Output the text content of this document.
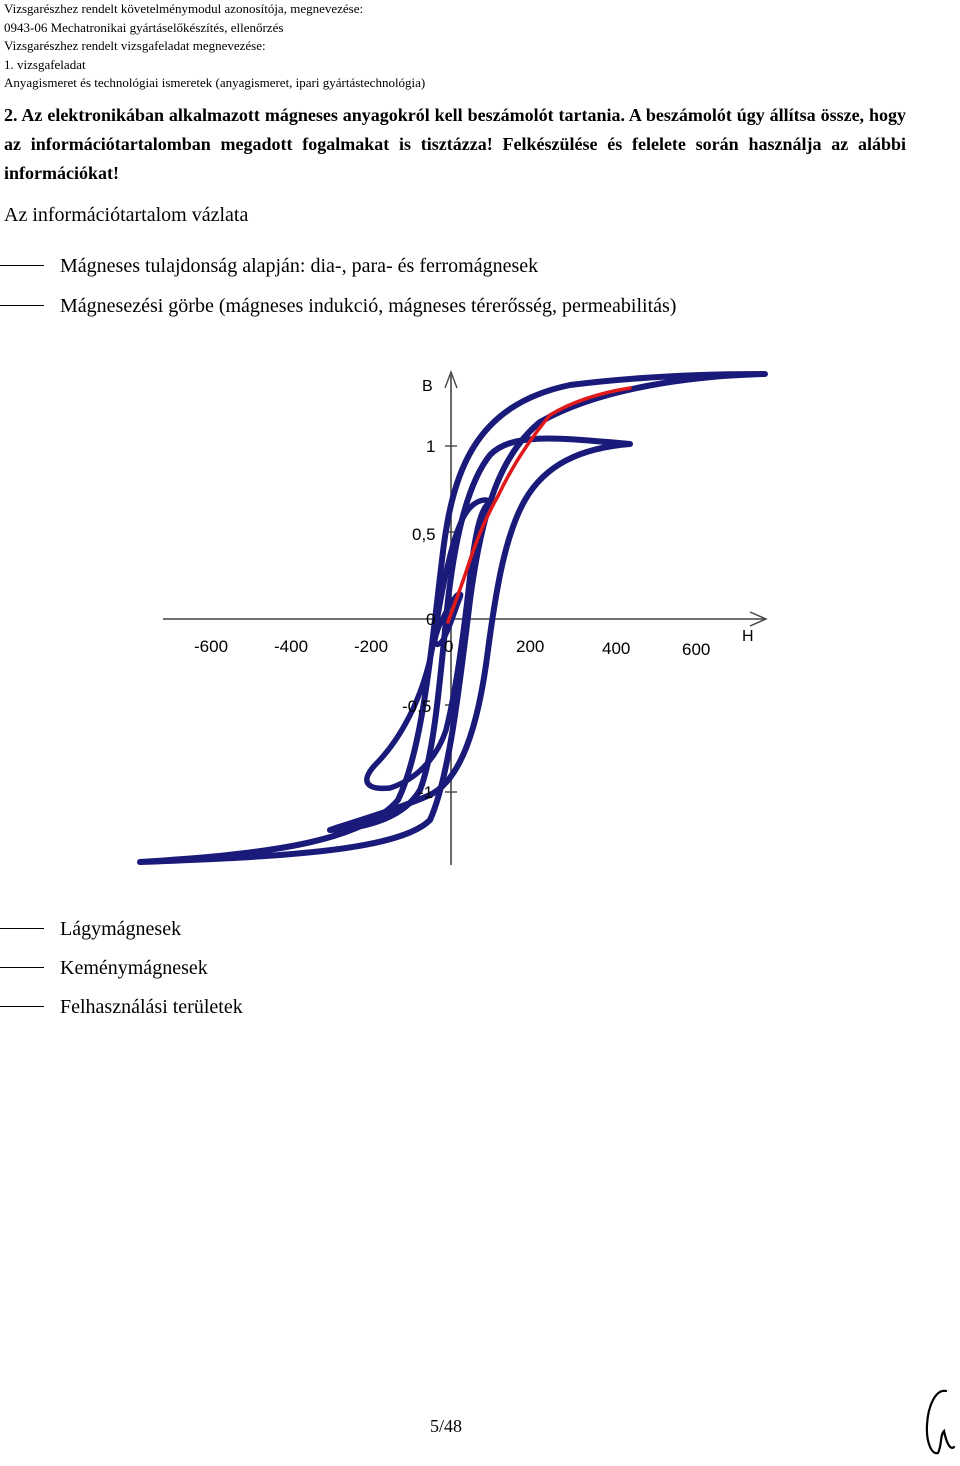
Vizsgarészhez rendelt követelménymodul azonosítója, megnevezése:
0943-06 Mechatronikai gyártáselőkészítés, ellenőrzés
Vizsgarészhez rendelt vizsgafeladat megnevezése:
1. vizsgafeladat
Anyagismeret és technológiai ismeretek (anyagismeret, ipari gyártástechnológia)
2. Az elektronikában alkalmazott mágneses anyagokról kell beszámolót tartania. A beszámolót úgy állítsa össze, hogy az információtartalomban megadott fogalmakat is tisztázza! Felkészülése és felelete során használja az alábbi információkat!
Az információtartalom vázlata
Mágneses tulajdonság alapján: dia-, para- és ferromágnesek
Mágnesezési görbe (mágneses indukció, mágneses térerősség, permeabilitás)
B
H
-600	-400	-200	0	200	400	600
1
0,5
0
-0,5
-1
Lágymágnesek
Keménymágnesek
Felhasználási területek
5/48
